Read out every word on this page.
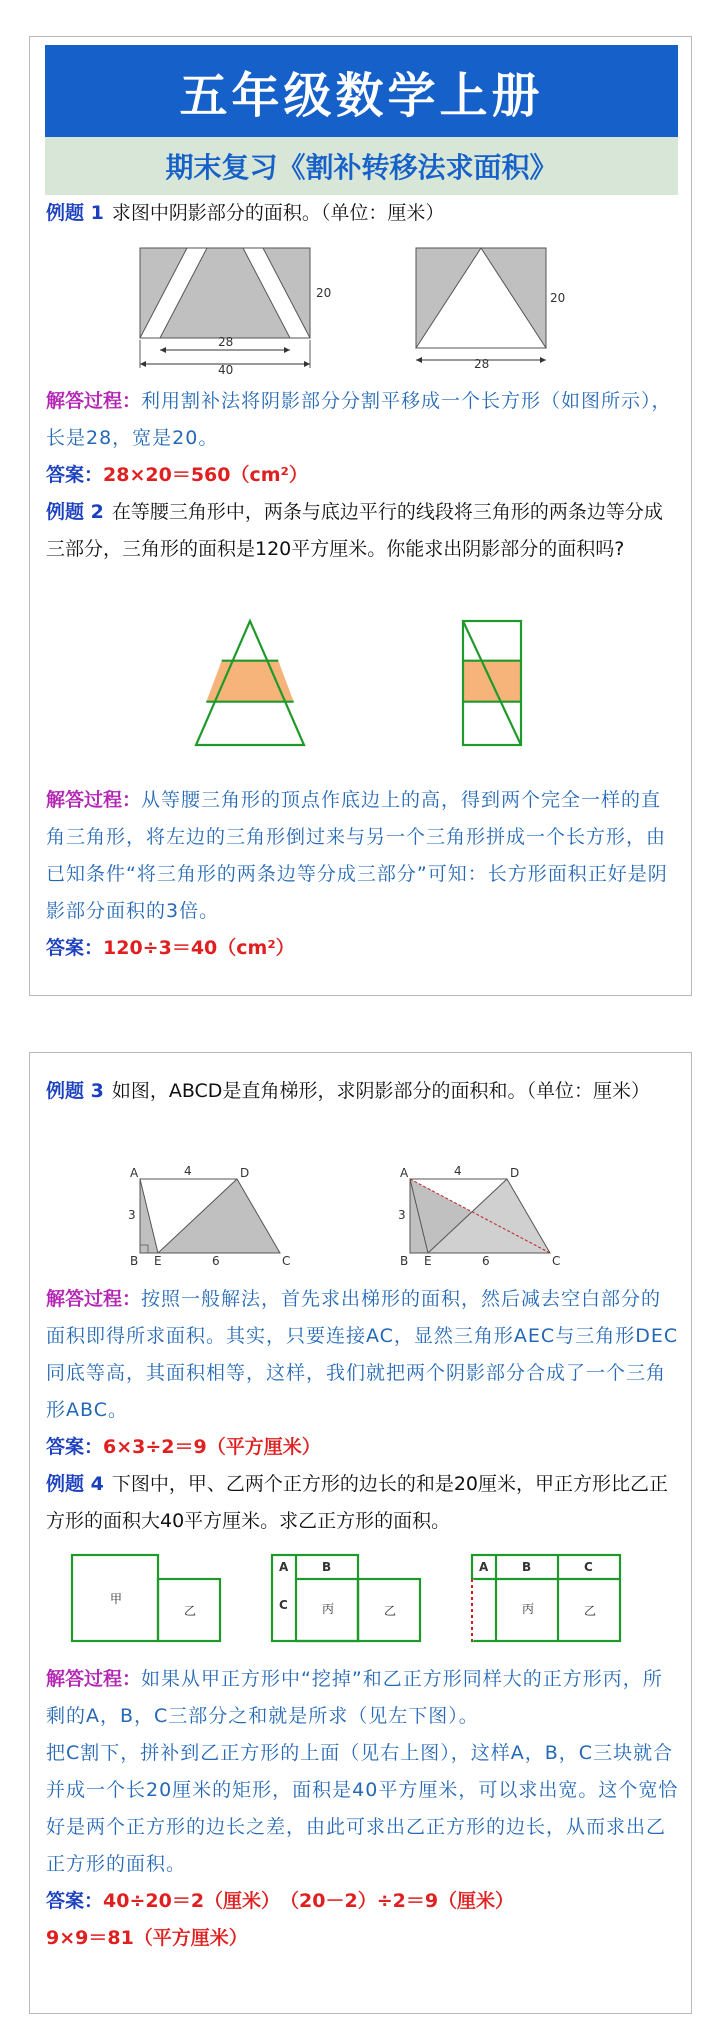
五年级数学上册
期末复习《割补转移法求面积》
例题 1 求图中阴影部分的面积。（单位：厘米）
28
40
20
28
20
解答过程：利用割补法将阴影部分分割平移成一个长方形（如图所示），长是28，宽是20。
答案：28×20＝560（cm²）
例题 2 在等腰三角形中，两条与底边平行的线段将三角形的两条边等分成三部分，三角形的面积是120平方厘米。你能求出阴影部分的面积吗?
解答过程：从等腰三角形的顶点作底边上的高，得到两个完全一样的直角三角形，将左边的三角形倒过来与另一个三角形拼成一个长方形，由已知条件“将三角形的两条边等分成三部分”可知：长方形面积正好是阴影部分面积的3倍。
答案：120÷3＝40（cm²）
例题 3 如图，ABCD是直角梯形，求阴影部分的面积和。（单位：厘米）
A	D
B E	C
4
3
6
A	D
B E	C
4
3
6
解答过程：按照一般解法，首先求出梯形的面积，然后减去空白部分的面积即得所求面积。其实，只要连接AC，显然三角形AEC与三角形DEC同底等高，其面积相等，这样，我们就把两个阴影部分合成了一个三角形ABC。
答案：6×3÷2＝9（平方厘米）
例题 4 下图中，甲、乙两个正方形的边长的和是20厘米，甲正方形比乙正方形的面积大40平方厘米。求乙正方形的面积。
甲
乙
A	B
C	丙	乙
A	B	C
丙	乙
解答过程：如果从甲正方形中“挖掉”和乙正方形同样大的正方形丙，所剩的A，B，C三部分之和就是所求（见左下图）。
把C割下，拼补到乙正方形的上面（见右上图），这样A，B，C三块就合并成一个长20厘米的矩形，面积是40平方厘米，可以求出宽。这个宽恰好是两个正方形的边长之差，由此可求出乙正方形的边长，从而求出乙正方形的面积。
答案：40÷20＝2（厘米）　（20－2）÷2＝9（厘米）
9×9＝81（平方厘米）
